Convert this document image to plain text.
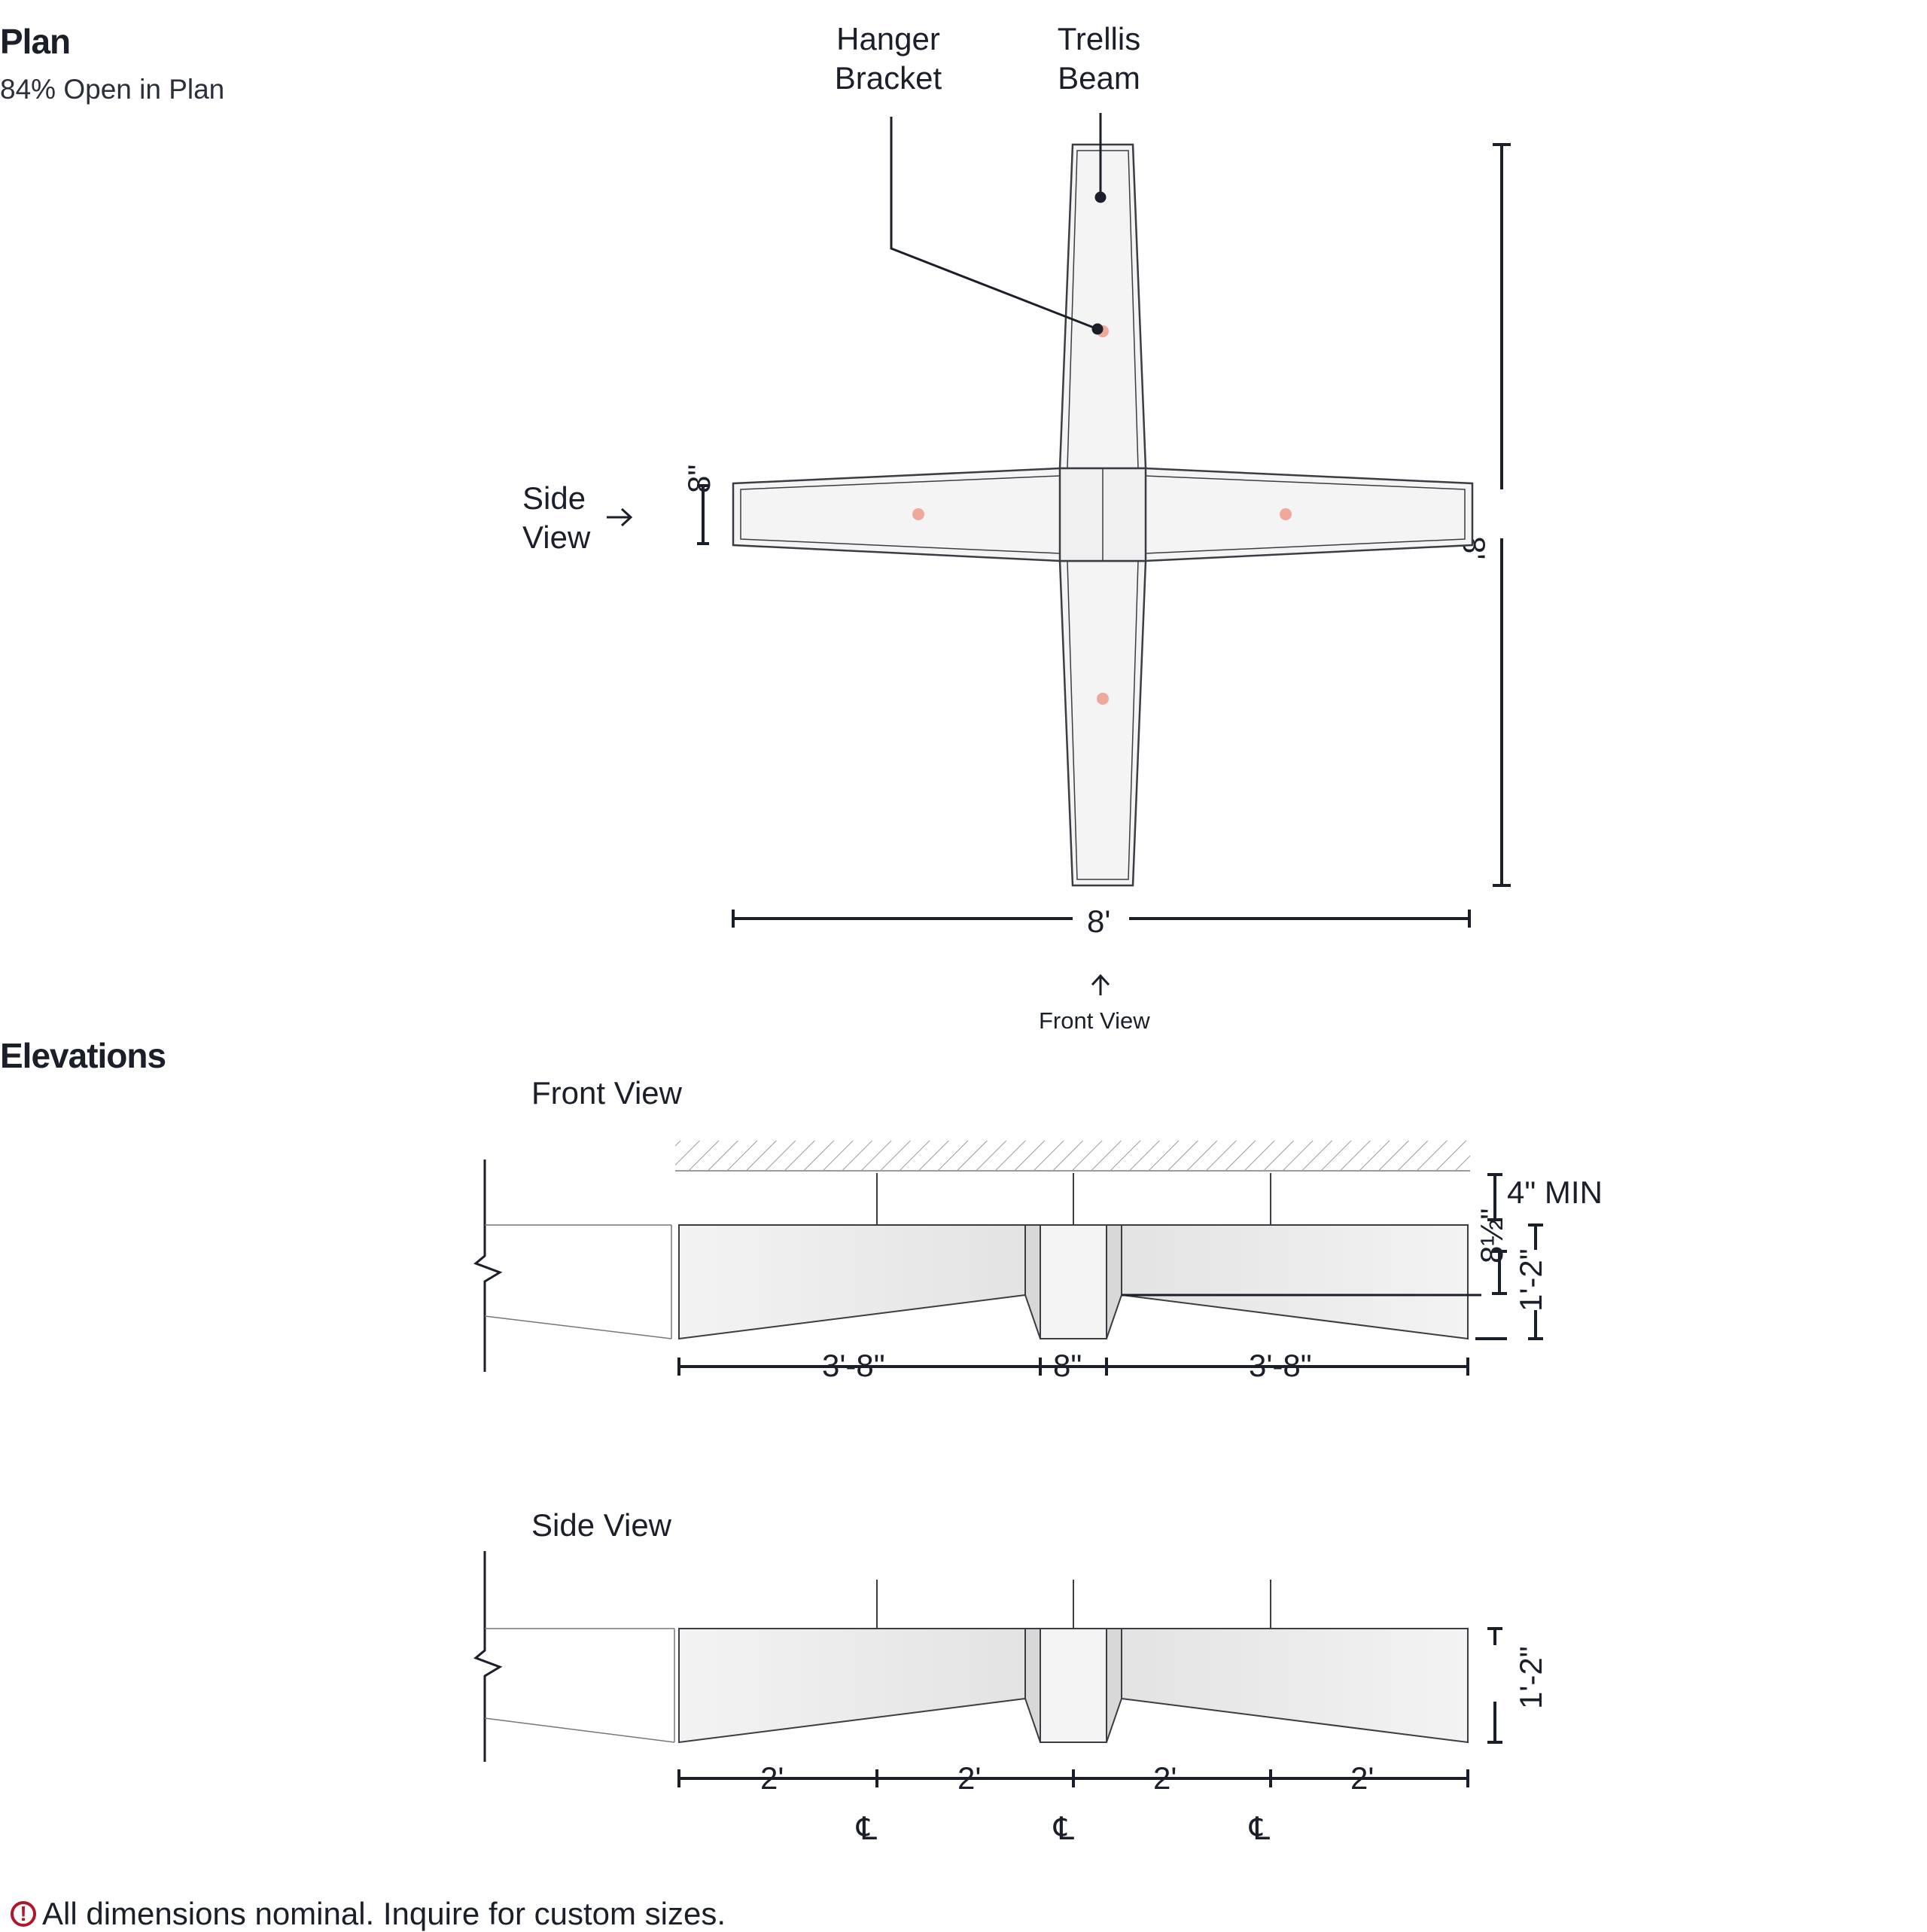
Plan
84% Open in Plan
Elevations
Hanger
Bracket
Trellis
Beam
Side
View
Front View
8"
8'
8'
Front View
4" MIN
8½"
1'-2"
3'-8"	8"	3'-8"
Side View
1'-2"
2'	2'	2'	2'
℄	℄	℄
! All dimensions nominal. Inquire for custom sizes.
